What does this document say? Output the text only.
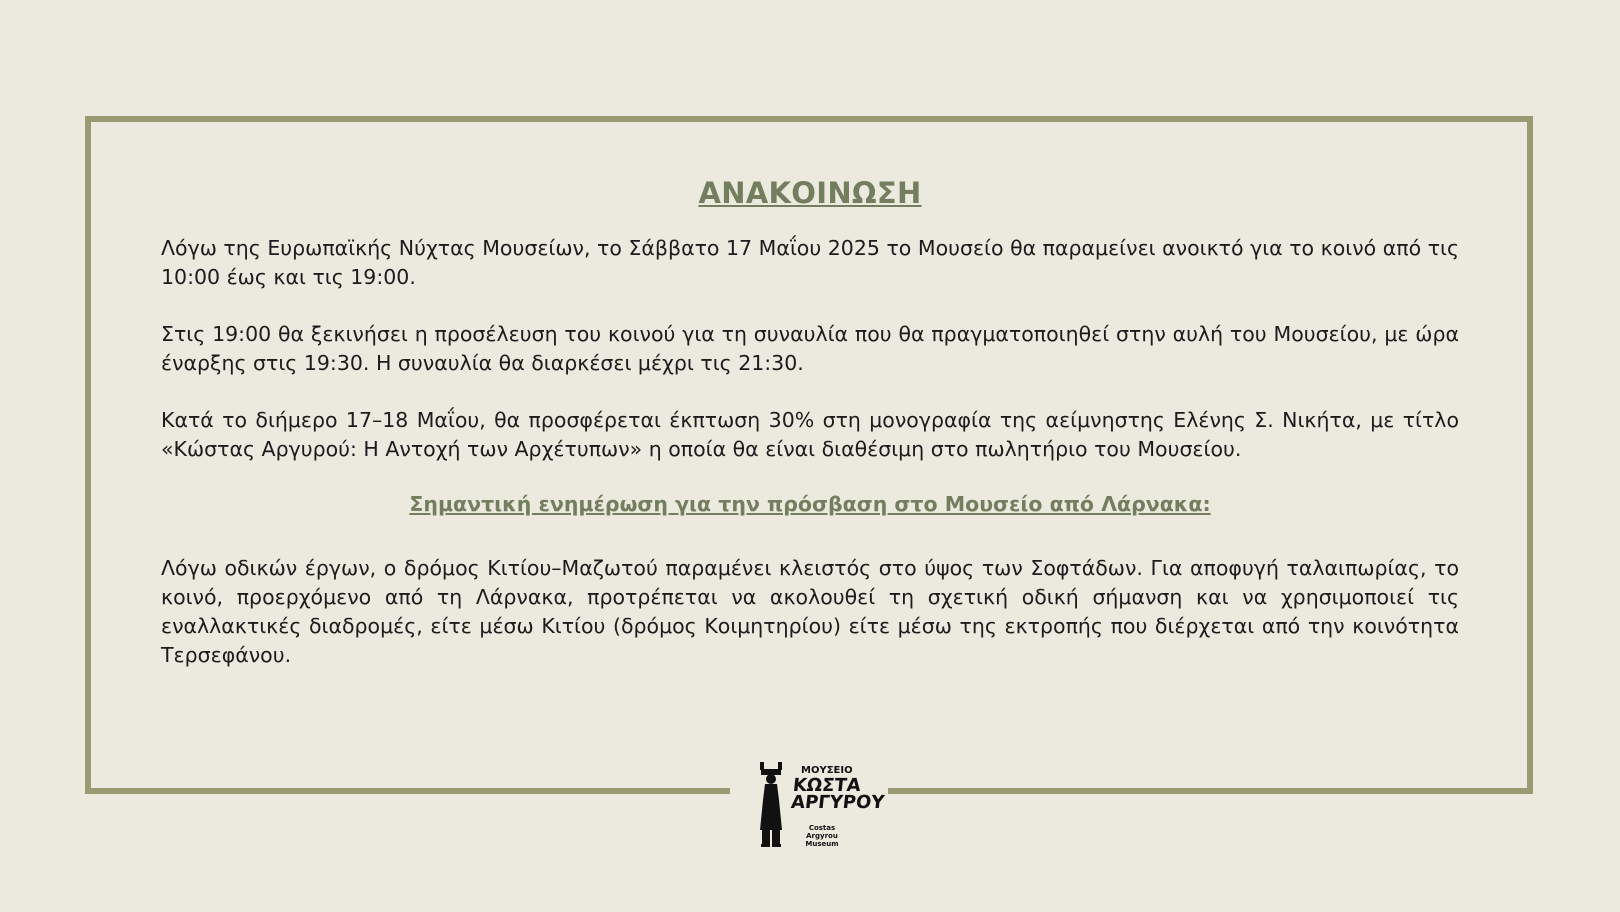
ΑΝΑΚΟΙΝΩΣΗ

Λόγω της Ευρωπαϊκής Νύχτας Μουσείων, το Σάββατο 17 Μαΐου 2025 το Μουσείο θα παραμείνει ανοικτό για το κοινό από τις 10:00 έως και τις 19:00.

Στις 19:00 θα ξεκινήσει η προσέλευση του κοινού για τη συναυλία που θα πραγματοποιηθεί στην αυλή του Μουσείου, με ώρα έναρξης στις 19:30. Η συναυλία θα διαρκέσει μέχρι τις 21:30.

Κατά το διήμερο 17–18 Μαΐου, θα προσφέρεται έκπτωση 30% στη μονογραφία της αείμνηστης Ελένης Σ. Νικήτα, με τίτλο «Κώστας Αργυρού: Η Αντοχή των Αρχέτυπων» η οποία θα είναι διαθέσιμη στο πωλητήριο του Μουσείου.

Σημαντική ενημέρωση για την πρόσβαση στο Μουσείο από Λάρνακα:

Λόγω οδικών έργων, ο δρόμος Κιτίου–Μαζωτού παραμένει κλειστός στο ύψος των Σοφτάδων. Για αποφυγή ταλαιπωρίας, το κοινό, προερχόμενο από τη Λάρνακα, προτρέπεται να ακολουθεί τη σχετική οδική σήμανση και να χρησιμοποιεί τις εναλλακτικές διαδρομές, είτε μέσω Κιτίου (δρόμος Κοιμητηρίου) είτε μέσω της εκτροπής που διέρχεται από την κοινότητα Τερσεφάνου.

ΜΟΥΣΕΙΟ
ΚΩΣΤΑ
ΑΡΓΥΡΟΥ
Costas Argyrou
Museum
